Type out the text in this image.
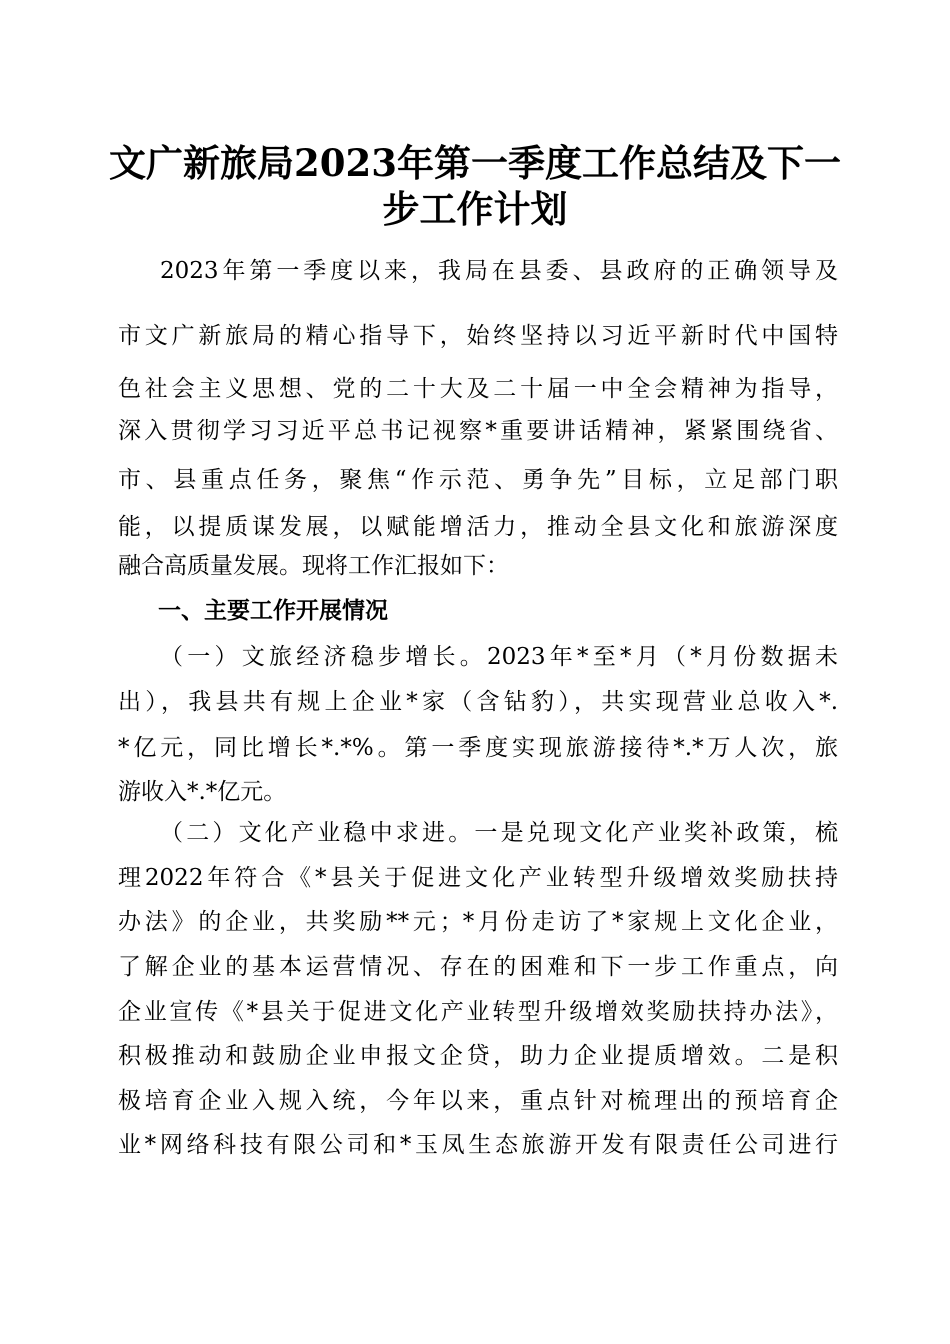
文广新旅局2023年第一季度工作总结及下一
步工作计划
2023年第一季度以来，我局在县委、县政府的正确领导及
市文广新旅局的精心指导下，始终坚持以习近平新时代中国特
色社会主义思想、党的二十大及二十届一中全会精神为指导，
深入贯彻学习习近平总书记视察*重要讲话精神，紧紧围绕省、
市、县重点任务，聚焦“作示范、勇争先”目标，立足部门职
能，以提质谋发展，以赋能增活力，推动全县文化和旅游深度
融合高质量发展。现将工作汇报如下：
一、主要工作开展情况
（一）文旅经济稳步增长。2023年*至*月（*月份数据未
出），我县共有规上企业*家（含钻豹），共实现营业总收入*.
*亿元，同比增长*.*%。第一季度实现旅游接待*.*万人次，旅
游收入*.*亿元。
（二）文化产业稳中求进。一是兑现文化产业奖补政策，梳
理2022年符合《*县关于促进文化产业转型升级增效奖励扶持
办法》的企业，共奖励**元；*月份走访了*家规上文化企业，
了解企业的基本运营情况、存在的困难和下一步工作重点，向
企业宣传《*县关于促进文化产业转型升级增效奖励扶持办法》，
积极推动和鼓励企业申报文企贷，助力企业提质增效。二是积
极培育企业入规入统，今年以来，重点针对梳理出的预培育企
业*网络科技有限公司和*玉凤生态旅游开发有限责任公司进行
